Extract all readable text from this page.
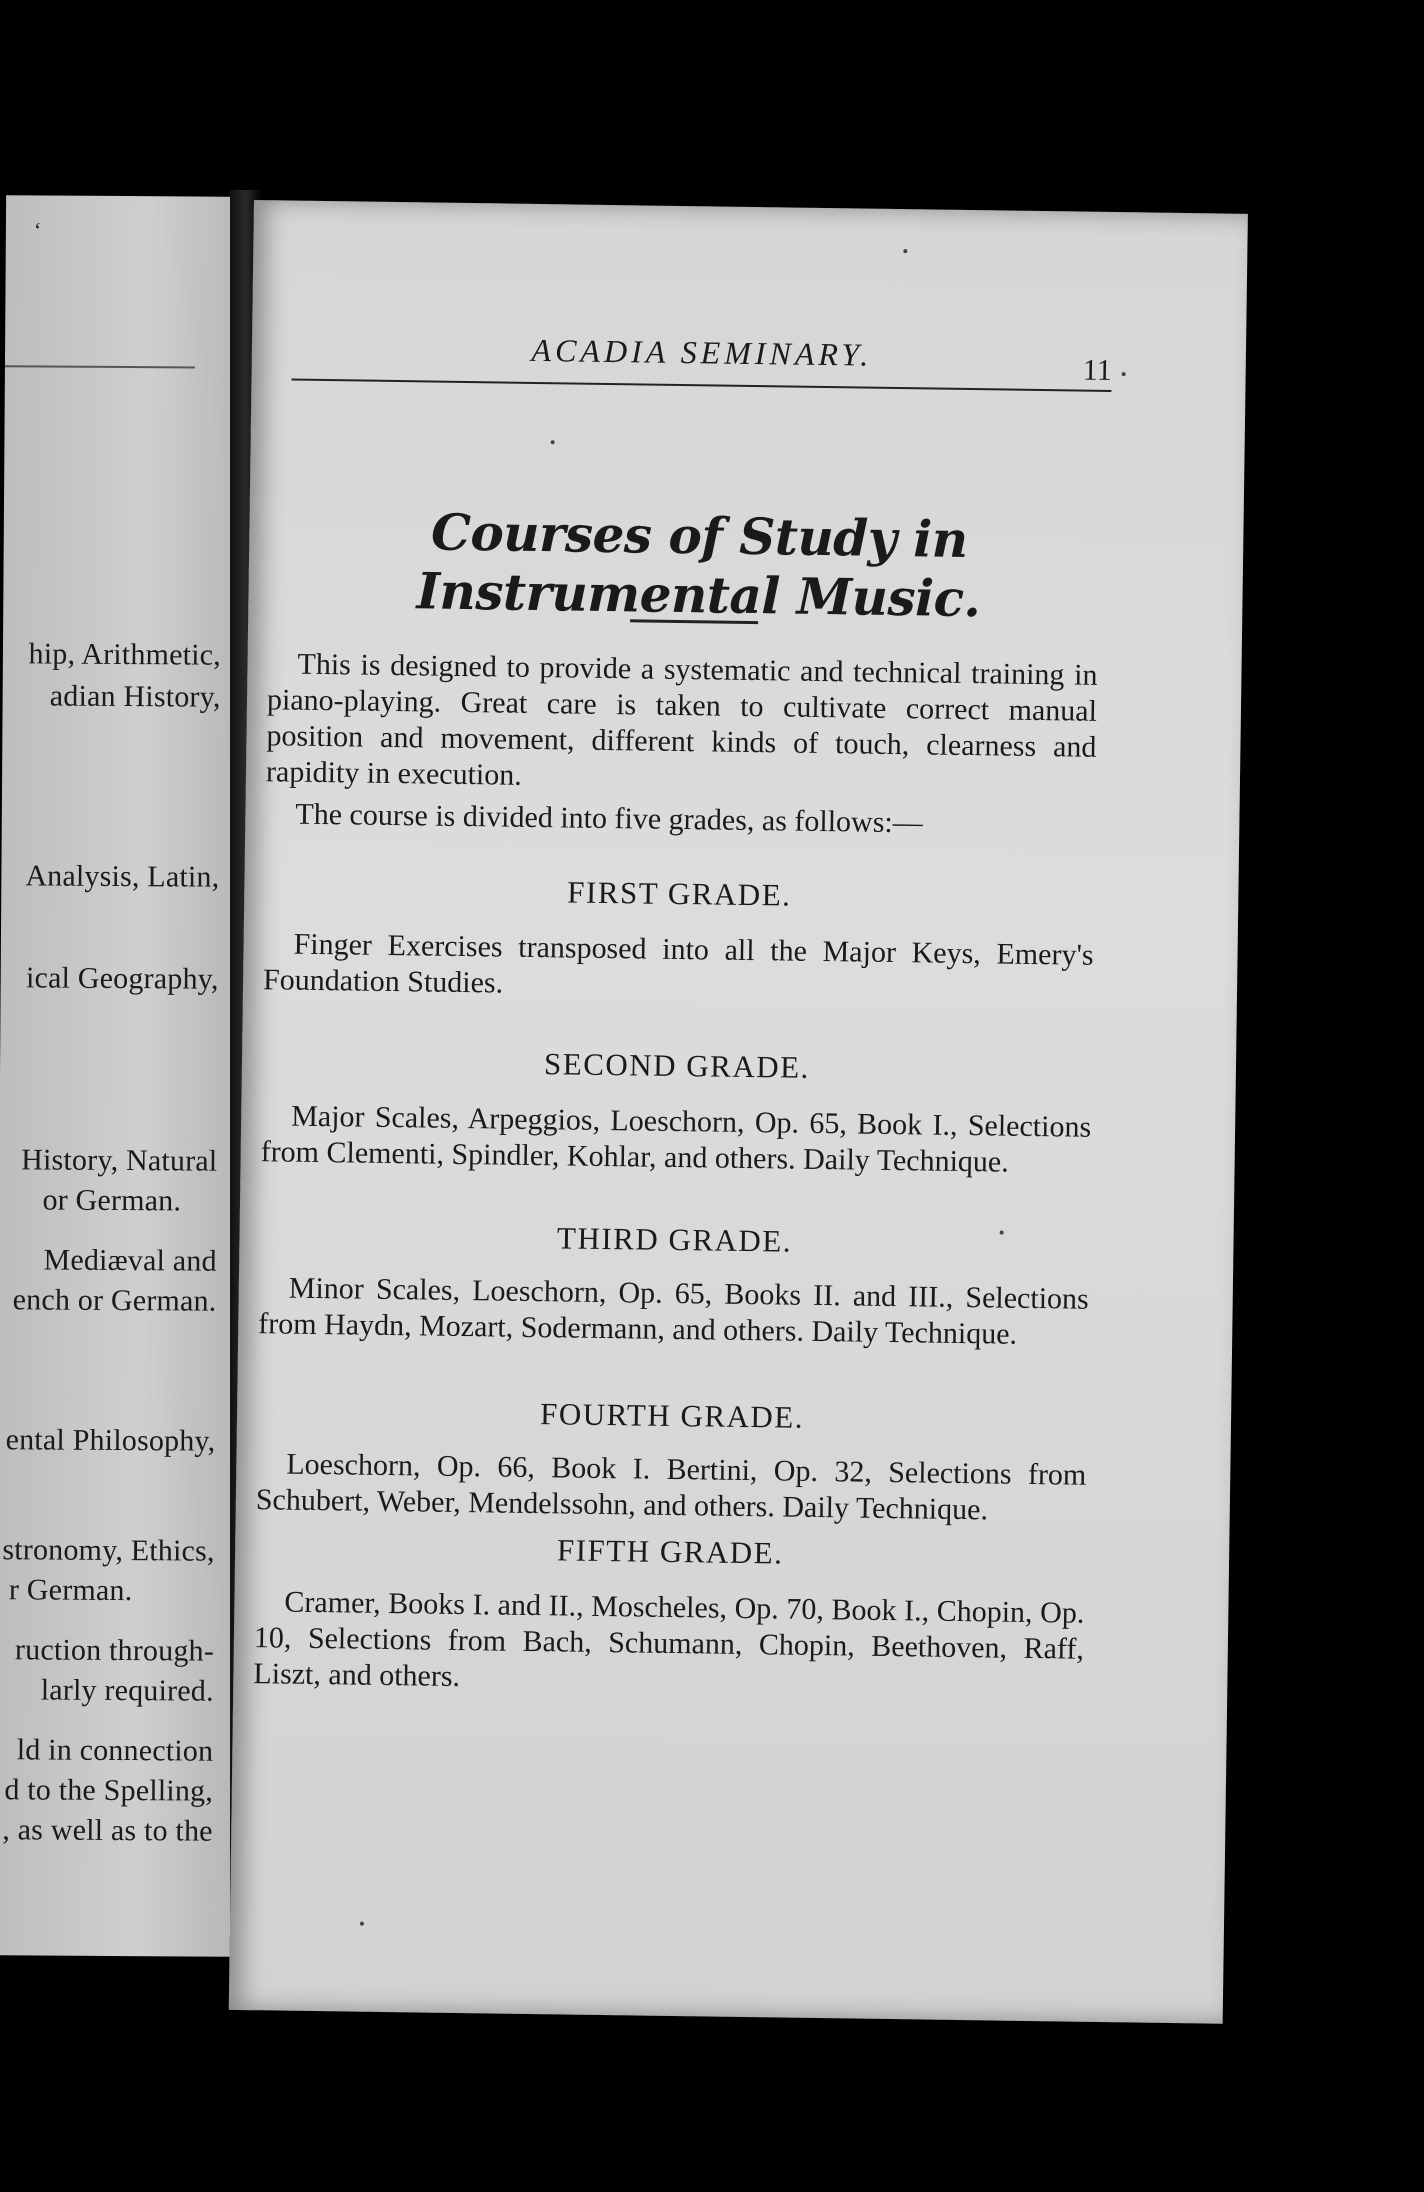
ʻ
hip, Arithmetic,
adian History,
Analysis, Latin,
ical Geography,
History, Natural
or German.
Mediæval and
ench or German.
ental Philosophy,
stronomy, Ethics,
r German.
ruction through-
larly required.
ld in connection
d to the Spelling,
, as well as to the
ACADIA SEMINARY.	11
Courses of Study in Instrumental Music.
This is designed to provide a systematic and technical training in piano-playing. Great care is taken to cultivate correct manual position and movement, different kinds of touch, clearness and rapidity in execution.
The course is divided into five grades, as follows:—
FIRST GRADE.
Finger Exercises transposed into all the Major Keys, Emery's Foundation Studies.
SECOND GRADE.
Major Scales, Arpeggios, Loeschorn, Op. 65, Book I., Selections from Clementi, Spindler, Kohlar, and others. Daily Technique.
THIRD GRADE.
Minor Scales, Loeschorn, Op. 65, Books II. and III., Selections from Haydn, Mozart, Sodermann, and others. Daily Technique.
FOURTH GRADE.
Loeschorn, Op. 66, Book I. Bertini, Op. 32, Selections from Schubert, Weber, Mendelssohn, and others. Daily Technique.
FIFTH GRADE.
Cramer, Books I. and II., Moscheles, Op. 70, Book I., Chopin, Op. 10, Selections from Bach, Schumann, Chopin, Beethoven, Raff, Liszt, and others.
